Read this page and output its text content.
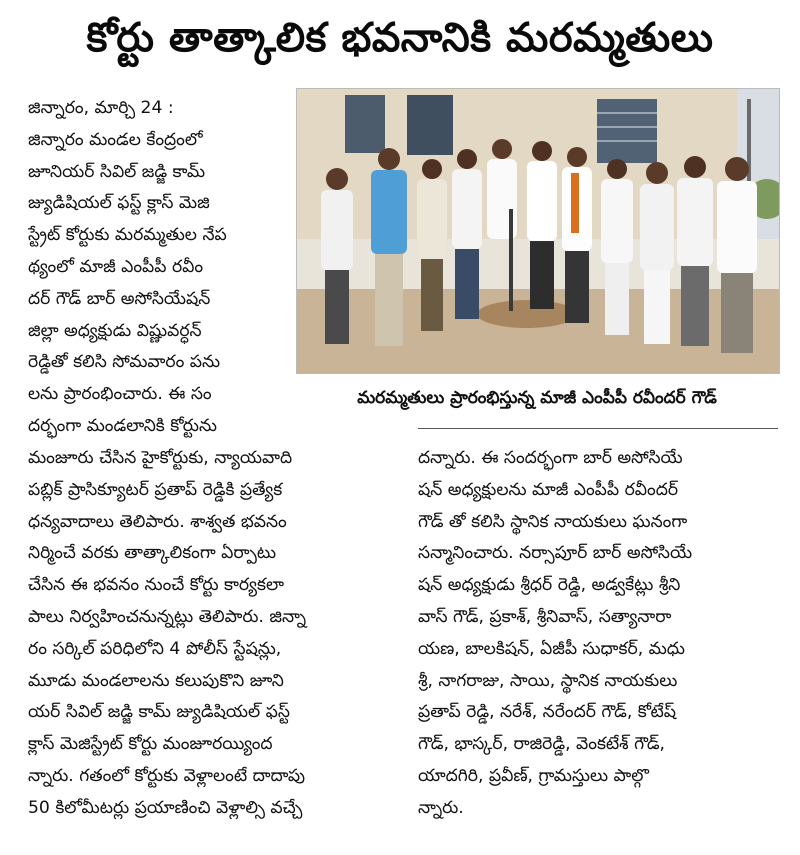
కోర్టు తాత్కాలిక భవనానికి మరమ్మతులు
జిన్నారం, మార్చి 24 :
జిన్నారం మండల కేంద్రంలో
జూనియర్ సివిల్ జడ్జి కామ్
జ్యుడిషియల్ ఫస్ట్ క్లాస్ మెజి
స్ట్రేట్ కోర్టుకు మరమ్మతుల నేప
థ్యంలో మాజీ ఎంపీపీ రవీం
దర్ గౌడ్ బార్ అసోసియేషన్
జిల్లా అధ్యక్షుడు విష్ణువర్ధన్
రెడ్డితో కలిసి సోమవారం పను
లను ప్రారంభించారు. ఈ సం
దర్భంగా మండలానికి కోర్టును
మరమ్మతులు ప్రారంభిస్తున్న మాజీ ఎంపీపీ రవీందర్ గౌడ్
మంజూరు చేసిన హైకోర్టుకు, న్యాయవాది
పబ్లిక్ ప్రాసిక్యూటర్ ప్రతాప్ రెడ్డికి ప్రత్యేక
ధన్యవాదాలు తెలిపారు. శాశ్వత భవనం
నిర్మించే వరకు తాత్కాలికంగా ఏర్పాటు
చేసిన ఈ భవనం నుంచే కోర్టు కార్యకలా
పాలు నిర్వహించనున్నట్లు తెలిపారు. జిన్నా
రం సర్కిల్ పరిధిలోని 4 పోలీస్ స్టేషన్లు,
మూడు మండలాలను కలుపుకొని జూని
యర్ సివిల్ జడ్జి కామ్ జ్యుడిషియల్ ఫస్ట్
క్లాస్ మెజిస్ట్రేట్ కోర్టు మంజూరయ్యింద
న్నారు. గతంలో కోర్టుకు వెళ్లాలంటే దాదాపు
50 కిలోమీటర్లు ప్రయాణించి వెళ్లాల్సి వచ్చే
దన్నారు. ఈ సందర్భంగా బార్ అసోసియే
షన్ అధ్యక్షులను మాజీ ఎంపీపీ రవీందర్
గౌడ్ తో కలిసి స్థానిక నాయకులు ఘనంగా
సన్మానించారు. నర్సాపూర్ బార్ అసోసియే
షన్ అధ్యక్షుడు శ్రీధర్ రెడ్డి, అడ్వకేట్లు శ్రీని
వాస్ గౌడ్, ప్రకాశ్, శ్రీనివాస్, సత్యానారా
యణ, బాలకిషన్, ఏజీపీ సుధాకర్, మధు
శ్రీ, నాగరాజు, సాయి, స్థానిక నాయకులు
ప్రతాప్ రెడ్డి, నరేశ్, నరేందర్ గౌడ్, కోటేష్
గౌడ్, భాస్కర్, రాజిరెడ్డి, వెంకటేశ్ గౌడ్,
యాదగిరి, ప్రవీణ్, గ్రామస్తులు పాల్గొ
న్నారు.
